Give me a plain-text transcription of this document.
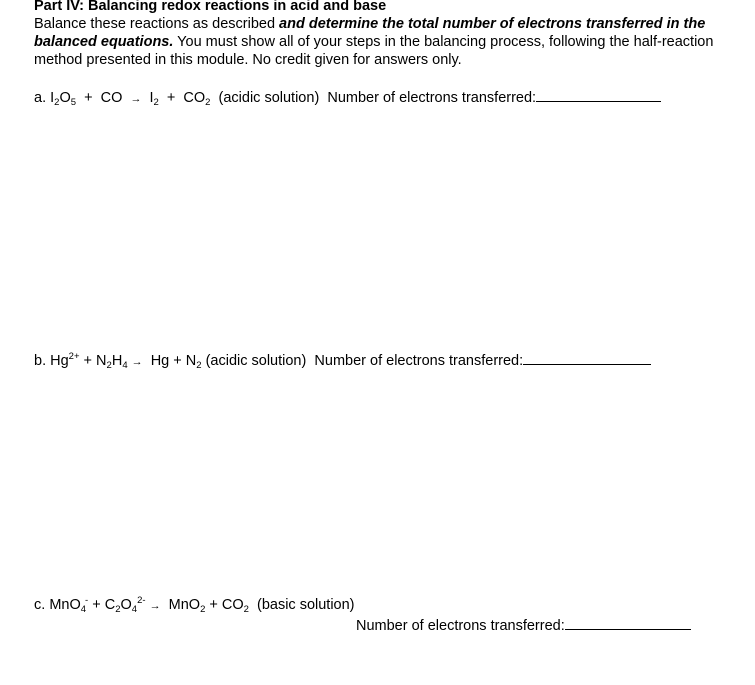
Part IV: Balancing redox reactions in acid and base
Balance these reactions as described and determine the total number of electrons transferred in the balanced equations. You must show all of your steps in the balancing process, following the half-reaction method presented in this module. No credit given for answers only.
a. $I_2O_5$ + CO → $I_2 + CO_2$ (acidic solution) Number of electrons transferred:
b. $Hg^{2+} + N_2H_4 \to Hg + N_2$ (acidic solution) Number of electrons transferred:
c. $MnO_4^- + C_2O_4^{2-} \to MnO_2 + CO_2$ (basic solution)
Number of electrons transferred:
